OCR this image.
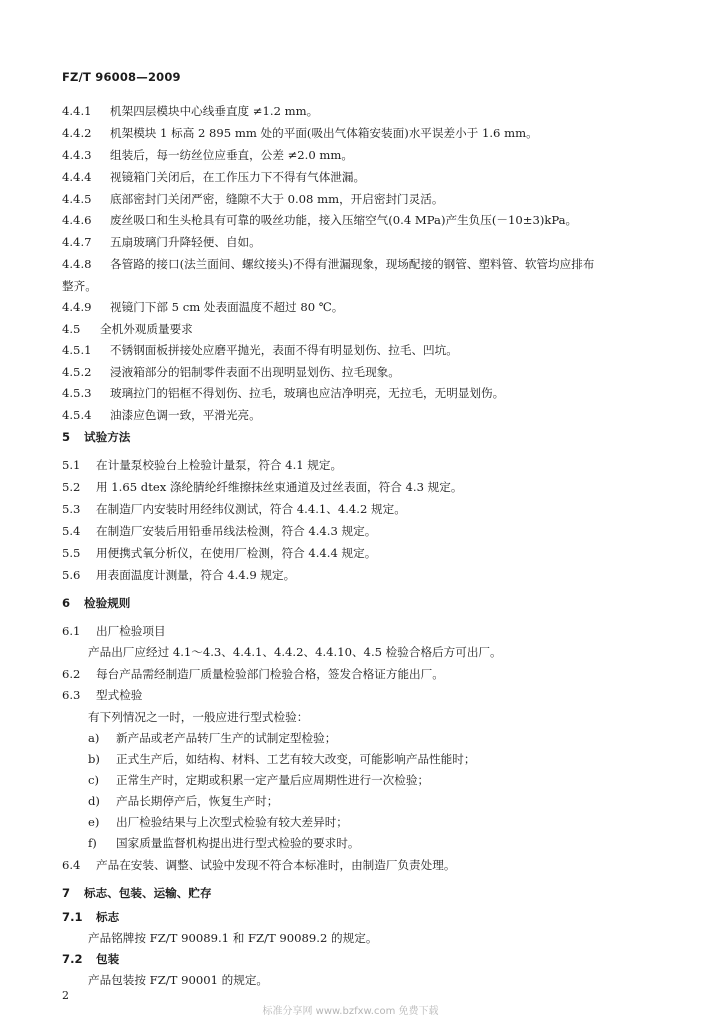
FZ/T 96008—2009
4.4.1 机架四层模块中心线垂直度 ≠1.2 mm。
4.4.2 机架模块 1 标高 2 895 mm 处的平面(吸出气体箱安装面)水平误差小于 1.6 mm。
4.4.3 组装后，每一纺丝位应垂直，公差 ≠2.0 mm。
4.4.4 视镜箱门关闭后，在工作压力下不得有气体泄漏。
4.4.5 底部密封门关闭严密，缝隙不大于 0.08 mm，开启密封门灵活。
4.4.6 废丝吸口和生头枪具有可靠的吸丝功能，接入压缩空气(0.4 MPa)产生负压(－10±3)kPa。
4.4.7 五扇玻璃门升降轻便、自如。
4.4.8 各管路的接口(法兰面间、螺纹接头)不得有泄漏现象，现场配接的钢管、塑料管、软管均应排布
整齐。
4.4.9 视镜门下部 5 cm 处表面温度不超过 80 ℃。
4.5 全机外观质量要求
4.5.1 不锈钢面板拼接处应磨平抛光，表面不得有明显划伤、拉毛、凹坑。
4.5.2 浸液箱部分的铝制零件表面不出现明显划伤、拉毛现象。
4.5.3 玻璃拉门的铝框不得划伤、拉毛，玻璃也应洁净明亮，无拉毛，无明显划伤。
4.5.4 油漆应色调一致，平滑光亮。
5 试验方法
5.1 在计量泵校验台上检验计量泵，符合 4.1 规定。
5.2 用 1.65 dtex 涤纶腈纶纤维擦抹丝束通道及过丝表面，符合 4.3 规定。
5.3 在制造厂内安装时用经纬仪测试，符合 4.4.1、4.4.2 规定。
5.4 在制造厂安装后用铅垂吊线法检测，符合 4.4.3 规定。
5.5 用便携式氧分析仪，在使用厂检测，符合 4.4.4 规定。
5.6 用表面温度计测量，符合 4.4.9 规定。
6 检验规则
6.1 出厂检验项目
产品出厂应经过 4.1～4.3、4.4.1、4.4.2、4.4.10、4.5 检验合格后方可出厂。
6.2 每台产品需经制造厂质量检验部门检验合格，签发合格证方能出厂。
6.3 型式检验
有下列情况之一时，一般应进行型式检验：
a) 新产品或老产品转厂生产的试制定型检验；
b) 正式生产后，如结构、材料、工艺有较大改变，可能影响产品性能时；
c) 正常生产时，定期或积累一定产量后应周期性进行一次检验；
d) 产品长期停产后，恢复生产时；
e) 出厂检验结果与上次型式检验有较大差异时；
f) 国家质量监督机构提出进行型式检验的要求时。
6.4 产品在安装、调整、试验中发现不符合本标准时，由制造厂负责处理。
7 标志、包装、运输、贮存
7.1 标志
产品铭牌按 FZ/T 90089.1 和 FZ/T 90089.2 的规定。
7.2 包装
产品包装按 FZ/T 90001 的规定。
2
标准分享网 www.bzfxw.com 免费下载
